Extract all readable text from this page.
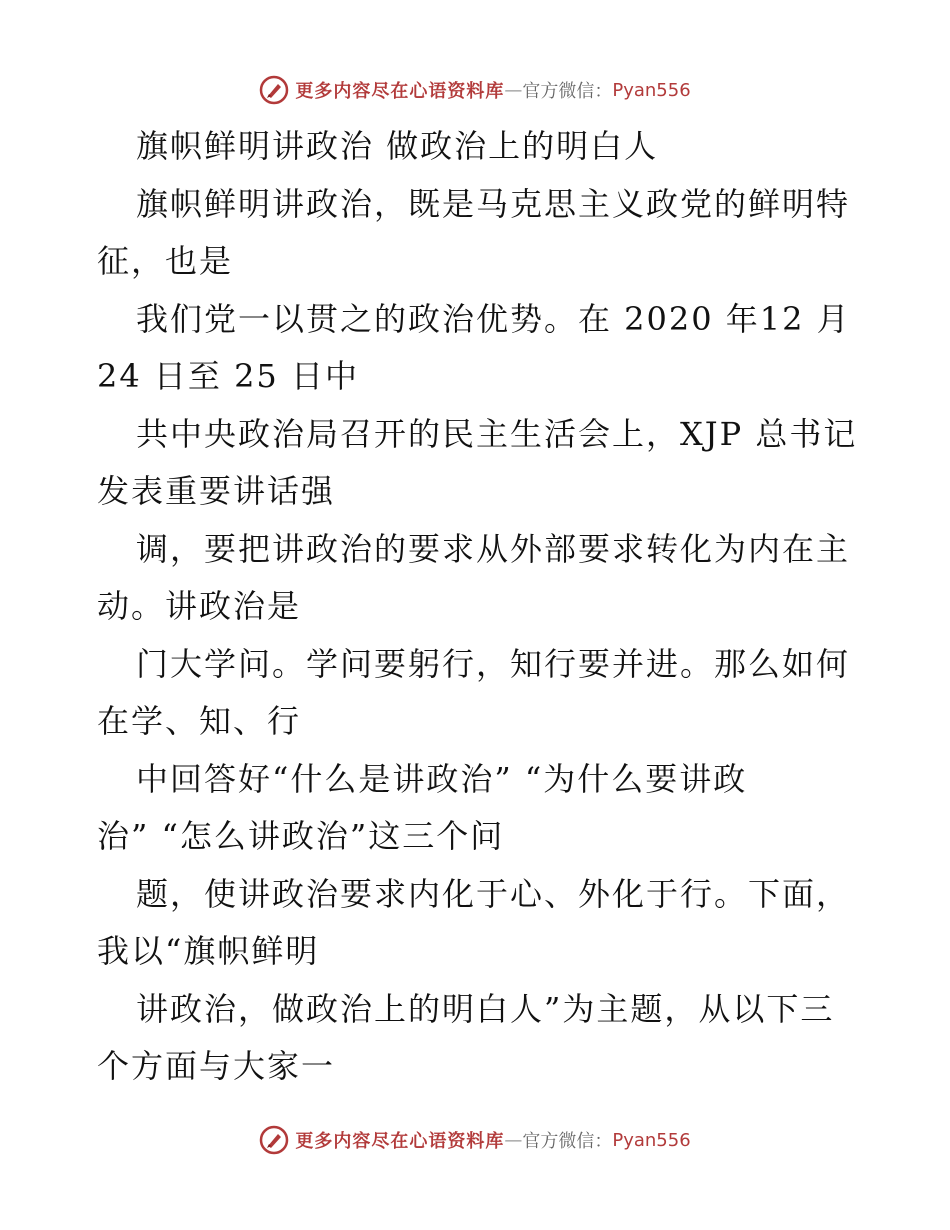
更多内容尽在心语资料库 — 官方微信： Pyan556
旗帜鲜明讲政治 做政治上的明白人
旗帜鲜明讲政治，既是马克思主义政党的鲜明特
征，也是
我们党一以贯之的政治优势。在 2020 年12 月
24 日至 25 日中
共中央政治局召开的民主生活会上，XJP 总书记
发表重要讲话强
调，要把讲政治的要求从外部要求转化为内在主
动。讲政治是
门大学问。学问要躬行，知行要并进。那么如何
在学、知、行
中回答好“什么是讲政治” “为什么要讲政
治” “怎么讲政治”这三个问
题，使讲政治要求内化于心、外化于行。下面，
我以“旗帜鲜明
讲政治，做政治上的明白人”为主题，从以下三
个方面与大家一
更多内容尽在心语资料库 — 官方微信： Pyan556
